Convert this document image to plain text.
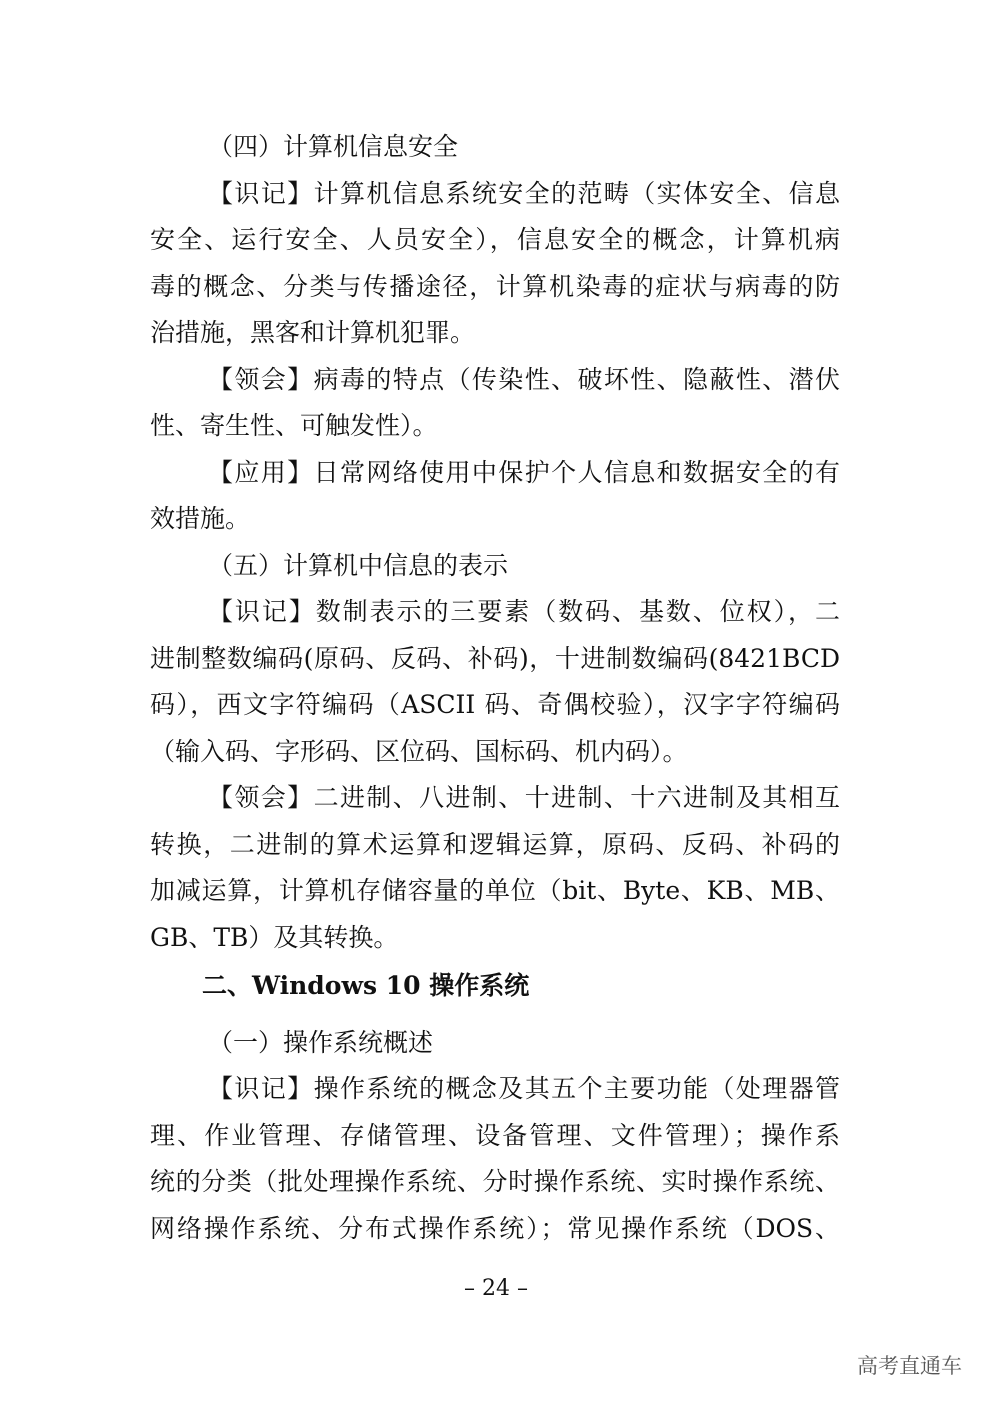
（四）计算机信息安全
【识记】计算机信息系统安全的范畴（实体安全、信息
安全、运行安全、人员安全），信息安全的概念，计算机病
毒的概念、分类与传播途径，计算机染毒的症状与病毒的防
治措施，黑客和计算机犯罪。
【领会】病毒的特点（传染性、破坏性、隐蔽性、潜伏
性、寄生性、可触发性）。
【应用】日常网络使用中保护个人信息和数据安全的有
效措施。
（五）计算机中信息的表示
【识记】数制表示的三要素（数码、基数、位权），二
进制整数编码(原码、反码、补码)，十进制数编码(8421BCD
码），西文字符编码（ASCII 码、奇偶校验），汉字字符编码
（输入码、字形码、区位码、国标码、机内码）。
【领会】二进制、八进制、十进制、十六进制及其相互
转换，二进制的算术运算和逻辑运算，原码、反码、补码的
加减运算，计算机存储容量的单位（bit、Byte、KB、MB、
GB、TB）及其转换。
二、Windows 10 操作系统
（一）操作系统概述
【识记】操作系统的概念及其五个主要功能（处理器管
理、作业管理、存储管理、设备管理、文件管理）；操作系
统的分类（批处理操作系统、分时操作系统、实时操作系统、
网络操作系统、分布式操作系统）；常见操作系统（DOS、
– 24 –
高考直通车
